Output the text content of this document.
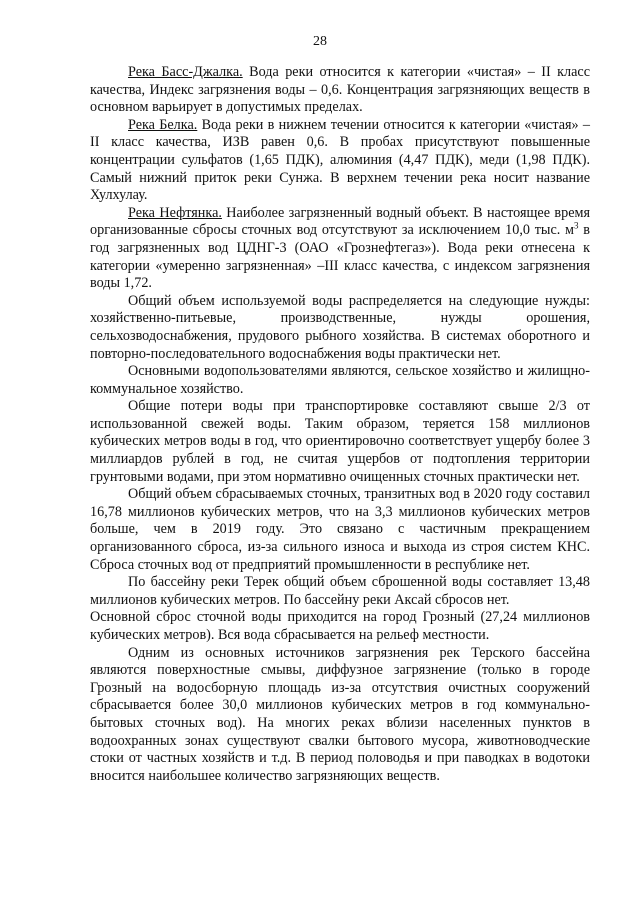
28

Река Басс-Джалка. Вода реки относится к категории «чистая» – II класс качества, Индекс загрязнения воды – 0,6. Концентрация загрязняющих веществ в основном варьирует в допустимых пределах.

Река Белка. Вода реки в нижнем течении относится к категории «чистая» – II класс качества, ИЗВ равен 0,6. В пробах присутствуют повышенные концентрации сульфатов (1,65 ПДК), алюминия (4,47 ПДК), меди (1,98 ПДК). Самый нижний приток реки Сунжа. В верхнем течении река носит название Хулхулау.

Река Нефтянка. Наиболее загрязненный водный объект. В настоящее время организованные сбросы сточных вод отсутствуют за исключением 10,0 тыс. $м^3$ в год загрязненных вод ЦДНГ-3 (ОАО «Грознефтегаз»). Вода реки отнесена к категории «умеренно загрязненная» –III класс качества, с индексом загрязнения воды 1,72.

Общий объем используемой воды распределяется на следующие нужды: хозяйственно-питьевые, производственные, нужды орошения, сельхозводоснабжения, прудового рыбного хозяйства. В системах оборотного и повторно-последовательного водоснабжения воды практически нет.

Основными водопользователями являются, сельское хозяйство и жилищно-коммунальное хозяйство.

Общие потери воды при транспортировке составляют свыше 2/3 от использованной свежей воды. Таким образом, теряется 158 миллионов кубических метров воды в год, что ориентировочно соответствует ущербу более 3 миллиардов рублей в год, не считая ущербов от подтопления территории грунтовыми водами, при этом нормативно очищенных сточных практически нет.

Общий объем сбрасываемых сточных, транзитных вод в 2020 году составил 16,78 миллионов кубических метров, что на 3,3 миллионов кубических метров больше, чем в 2019 году. Это связано с частичным прекращением организованного сброса, из-за сильного износа и выхода из строя систем КНС. Сброса сточных вод от предприятий промышленности в республике нет.

По бассейну реки Терек общий объем сброшенной воды составляет 13,48 миллионов кубических метров. По бассейну реки Аксай сбросов нет.

Основной сброс сточной воды приходится на город Грозный (27,24 миллионов кубических метров). Вся вода сбрасывается на рельеф местности.

Одним из основных источников загрязнения рек Терского бассейна являются поверхностные смывы, диффузное загрязнение (только в городе Грозный на водосборную площадь из-за отсутствия очистных сооружений сбрасывается более 30,0 миллионов кубических метров в год коммунально-бытовых сточных вод). На многих реках вблизи населенных пунктов в водоохранных зонах существуют свалки бытового мусора, животноводческие стоки от частных хозяйств и т.д. В период половодья и при паводках в водотоки вносится наибольшее количество загрязняющих веществ.
